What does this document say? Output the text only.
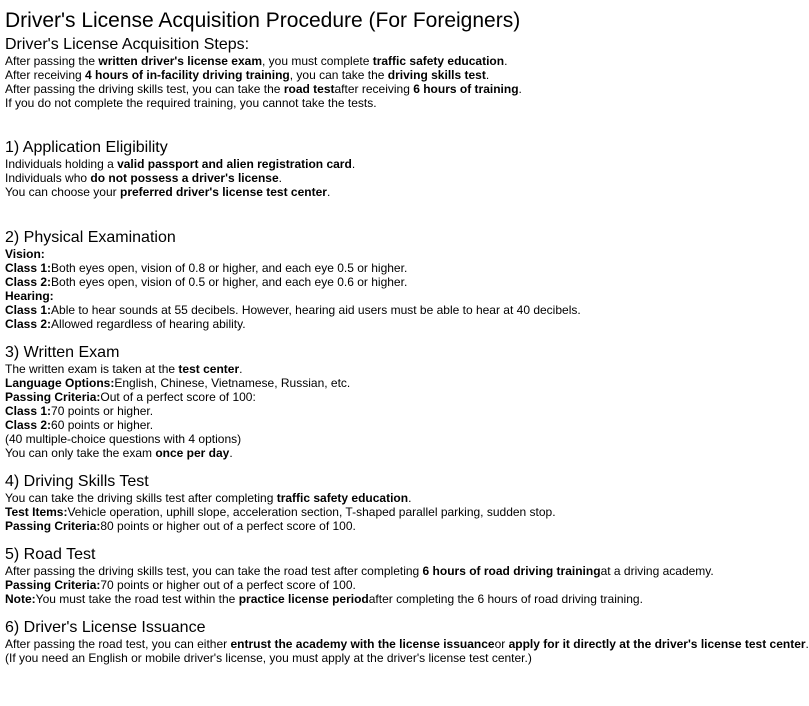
Driver's License Acquisition Procedure (For Foreigners)
Driver's License Acquisition Steps:
After passing the written driver's license exam, you must complete traffic safety education.
After receiving 4 hours of in-facility driving training, you can take the driving skills test.
After passing the driving skills test, you can take the road testafter receiving 6 hours of training.
If you do not complete the required training, you cannot take the tests.
1) Application Eligibility
Individuals holding a valid passport and alien registration card.
Individuals who do not possess a driver's license.
You can choose your preferred driver's license test center.
2) Physical Examination
Vision:
Class 1:Both eyes open, vision of 0.8 or higher, and each eye 0.5 or higher.
Class 2:Both eyes open, vision of 0.5 or higher, and each eye 0.6 or higher.
Hearing:
Class 1:Able to hear sounds at 55 decibels. However, hearing aid users must be able to hear at 40 decibels.
Class 2:Allowed regardless of hearing ability.
3) Written Exam
The written exam is taken at the test center.
Language Options:English, Chinese, Vietnamese, Russian, etc.
Passing Criteria:Out of a perfect score of 100:
Class 1:70 points or higher.
Class 2:60 points or higher.
(40 multiple-choice questions with 4 options)
You can only take the exam once per day.
4) Driving Skills Test
You can take the driving skills test after completing traffic safety education.
Test Items:Vehicle operation, uphill slope, acceleration section, T-shaped parallel parking, sudden stop.
Passing Criteria:80 points or higher out of a perfect score of 100.
5) Road Test
After passing the driving skills test, you can take the road test after completing 6 hours of road driving trainingat a driving academy.
Passing Criteria:70 points or higher out of a perfect score of 100.
Note:You must take the road test within the practice license periodafter completing the 6 hours of road driving training.
6) Driver's License Issuance
After passing the road test, you can either entrust the academy with the license issuanceor apply for it directly at the driver's license test center.
(If you need an English or mobile driver's license, you must apply at the driver's license test center.)
